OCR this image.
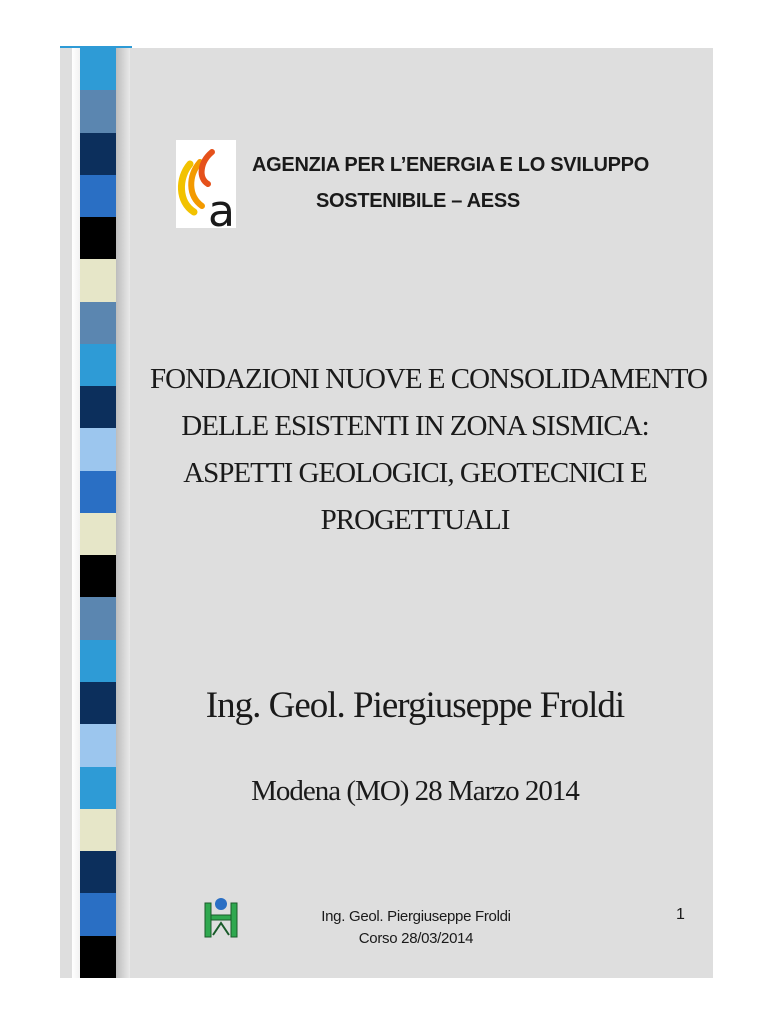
a
AGENZIA PER L’ENERGIA E LO SVILUPPO
SOSTENIBILE – AESS
FONDAZIONI NUOVE E CONSOLIDAMENTO
DELLE ESISTENTI IN ZONA SISMICA:
ASPETTI GEOLOGICI, GEOTECNICI E
PROGETTUALI
Ing. Geol. Piergiuseppe Froldi
Modena (MO) 28 Marzo 2014
Ing. Geol. Piergiuseppe Froldi
Corso 28/03/2014
1
